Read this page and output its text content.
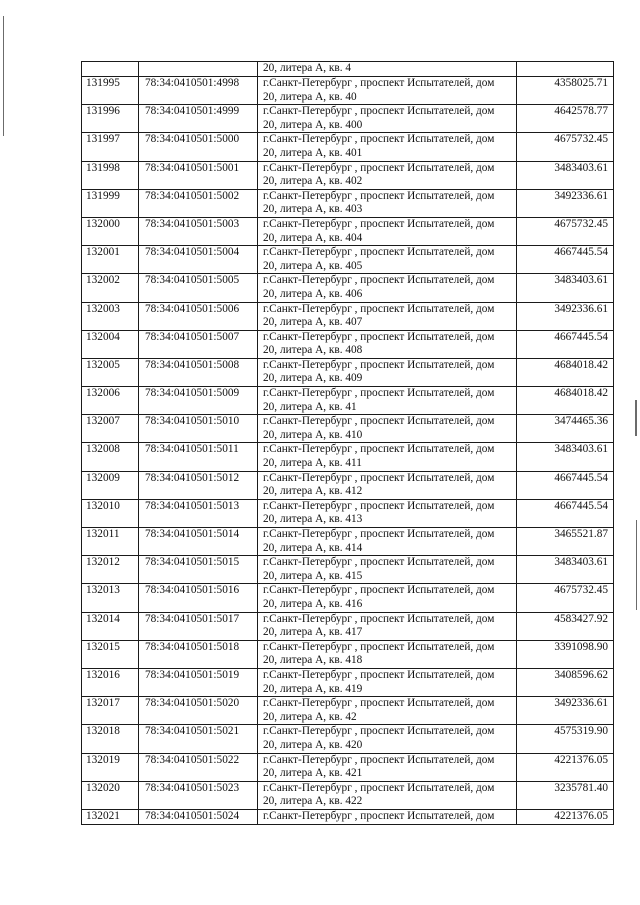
		20, литера А, кв. 4	

131995	78:34:0410501:4998	г.Санкт-Петербург , проспект Испытателей, дом
20, литера А, кв. 40	4358025.71
131996	78:34:0410501:4999	г.Санкт-Петербург , проспект Испытателей, дом
20, литера А, кв. 400	4642578.77
131997	78:34:0410501:5000	г.Санкт-Петербург , проспект Испытателей, дом
20, литера А, кв. 401	4675732.45
131998	78:34:0410501:5001	г.Санкт-Петербург , проспект Испытателей, дом
20, литера А, кв. 402	3483403.61
131999	78:34:0410501:5002	г.Санкт-Петербург , проспект Испытателей, дом
20, литера А, кв. 403	3492336.61
132000	78:34:0410501:5003	г.Санкт-Петербург , проспект Испытателей, дом
20, литера А, кв. 404	4675732.45
132001	78:34:0410501:5004	г.Санкт-Петербург , проспект Испытателей, дом
20, литера А, кв. 405	4667445.54
132002	78:34:0410501:5005	г.Санкт-Петербург , проспект Испытателей, дом
20, литера А, кв. 406	3483403.61
132003	78:34:0410501:5006	г.Санкт-Петербург , проспект Испытателей, дом
20, литера А, кв. 407	3492336.61
132004	78:34:0410501:5007	г.Санкт-Петербург , проспект Испытателей, дом
20, литера А, кв. 408	4667445.54
132005	78:34:0410501:5008	г.Санкт-Петербург , проспект Испытателей, дом
20, литера А, кв. 409	4684018.42
132006	78:34:0410501:5009	г.Санкт-Петербург , проспект Испытателей, дом
20, литера А, кв. 41	4684018.42
132007	78:34:0410501:5010	г.Санкт-Петербург , проспект Испытателей, дом
20, литера А, кв. 410	3474465.36
132008	78:34:0410501:5011	г.Санкт-Петербург , проспект Испытателей, дом
20, литера А, кв. 411	3483403.61
132009	78:34:0410501:5012	г.Санкт-Петербург , проспект Испытателей, дом
20, литера А, кв. 412	4667445.54
132010	78:34:0410501:5013	г.Санкт-Петербург , проспект Испытателей, дом
20, литера А, кв. 413	4667445.54
132011	78:34:0410501:5014	г.Санкт-Петербург , проспект Испытателей, дом
20, литера А, кв. 414	3465521.87
132012	78:34:0410501:5015	г.Санкт-Петербург , проспект Испытателей, дом
20, литера А, кв. 415	3483403.61
132013	78:34:0410501:5016	г.Санкт-Петербург , проспект Испытателей, дом
20, литера А, кв. 416	4675732.45
132014	78:34:0410501:5017	г.Санкт-Петербург , проспект Испытателей, дом
20, литера А, кв. 417	4583427.92
132015	78:34:0410501:5018	г.Санкт-Петербург , проспект Испытателей, дом
20, литера А, кв. 418	3391098.90
132016	78:34:0410501:5019	г.Санкт-Петербург , проспект Испытателей, дом
20, литера А, кв. 419	3408596.62
132017	78:34:0410501:5020	г.Санкт-Петербург , проспект Испытателей, дом
20, литера А, кв. 42	3492336.61
132018	78:34:0410501:5021	г.Санкт-Петербург , проспект Испытателей, дом
20, литера А, кв. 420	4575319.90
132019	78:34:0410501:5022	г.Санкт-Петербург , проспект Испытателей, дом
20, литера А, кв. 421	4221376.05
132020	78:34:0410501:5023	г.Санкт-Петербург , проспект Испытателей, дом
20, литера А, кв. 422	3235781.40
132021	78:34:0410501:5024	г.Санкт-Петербург , проспект Испытателей, дом	4221376.05
